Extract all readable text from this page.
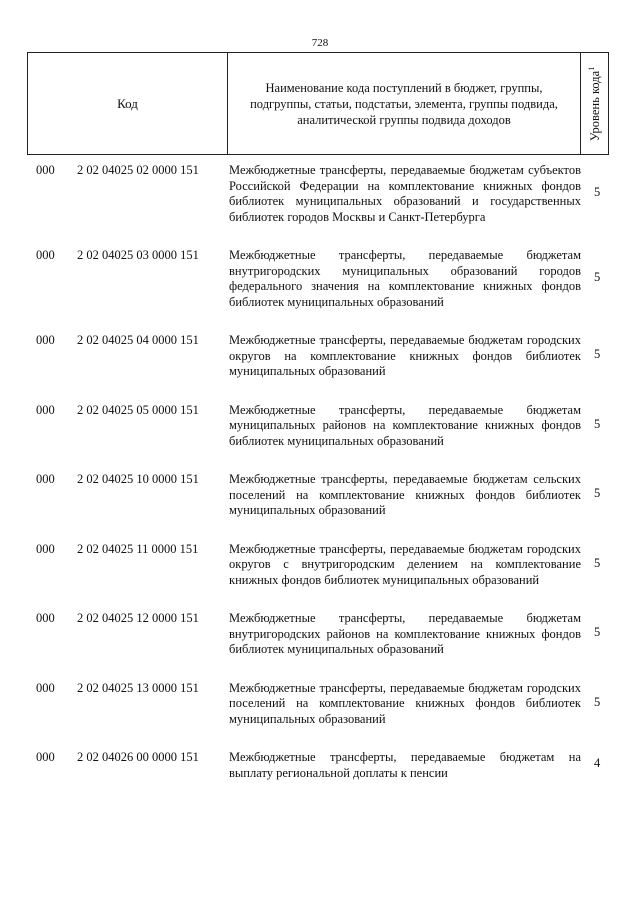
728
Код
Наименование кода поступлений в бюджет, группы, подгруппы, статьи, подстатьи, элемента, группы подвида, аналитической группы подвида доходов	Уровень кода$^1$
000 2 02 04025 02 0000 151 Межбюджетные трансферты, передаваемые бюджетам субъектов Российской Федерации на комплектование книжных фондов библиотек муниципальных образований и государственных библиотек городов Москвы и Санкт-Петербурга
5
000 2 02 04025 03 0000 151 Межбюджетные трансферты, передаваемые бюджетам внутригородских муниципальных образований городов федерального значения на комплектование книжных фондов библиотек муниципальных образований
5
000 2 02 04025 04 0000 151 Межбюджетные трансферты, передаваемые бюджетам городских округов на комплектование книжных фондов библиотек муниципальных образований
5
000 2 02 04025 05 0000 151 Межбюджетные трансферты, передаваемые бюджетам муниципальных районов на комплектование книжных фондов библиотек муниципальных образований
5
000 2 02 04025 10 0000 151 Межбюджетные трансферты, передаваемые бюджетам сельских поселений на комплектование книжных фондов библиотек муниципальных образований
5
000 2 02 04025 11 0000 151 Межбюджетные трансферты, передаваемые бюджетам городских округов с внутригородским делением на комплектование книжных фондов библиотек муниципальных образований
5
000 2 02 04025 12 0000 151 Межбюджетные трансферты, передаваемые бюджетам внутригородских районов на комплектование книжных фондов библиотек муниципальных образований
5
000 2 02 04025 13 0000 151 Межбюджетные трансферты, передаваемые бюджетам городских поселений на комплектование книжных фондов библиотек муниципальных образований
5
000 2 02 04026 00 0000 151 Межбюджетные трансферты, передаваемые бюджетам на выплату региональной доплаты к пенсии
4
